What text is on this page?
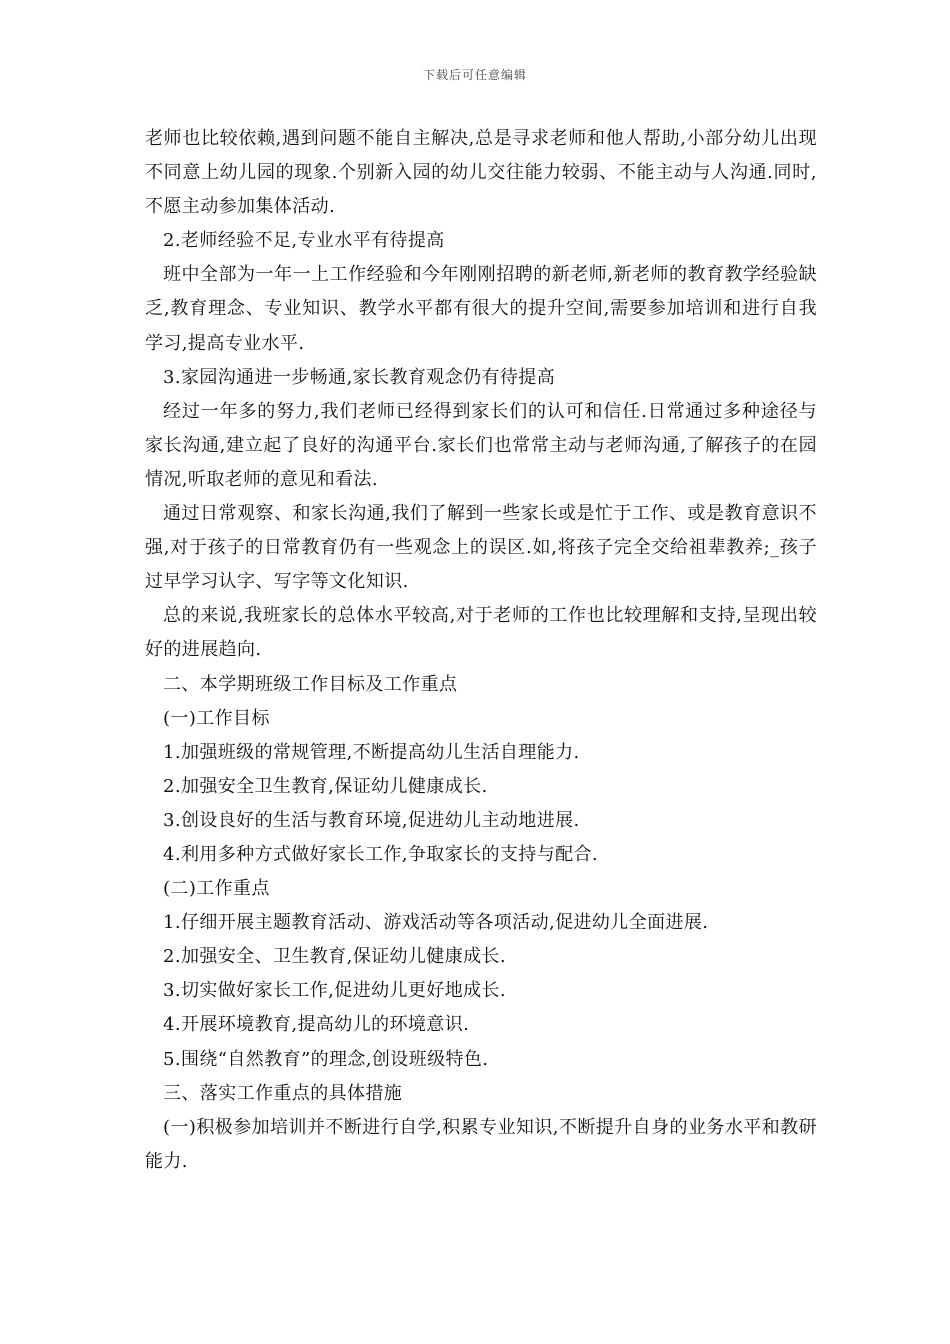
下载后可任意编辑

老师也比较依赖,遇到问题不能自主解决,总是寻求老师和他人帮助,小部分幼儿出现不同意上幼儿园的现象.个别新入园的幼儿交往能力较弱、不能主动与人沟通.同时,不愿主动参加集体活动.

2.老师经验不足,专业水平有待提高

班中全部为一年一上工作经验和今年刚刚招聘的新老师,新老师的教育教学经验缺乏,教育理念、专业知识、教学水平都有很大的提升空间,需要参加培训和进行自我学习,提高专业水平.

3.家园沟通进一步畅通,家长教育观念仍有待提高

经过一年多的努力,我们老师已经得到家长们的认可和信任.日常通过多种途径与家长沟通,建立起了良好的沟通平台.家长们也常常主动与老师沟通,了解孩子的在园情况,听取老师的意见和看法.

通过日常观察、和家长沟通,我们了解到一些家长或是忙于工作、或是教育意识不强,对于孩子的日常教育仍有一些观念上的误区.如,将孩子完全交给祖辈教养;_孩子过早学习认字、写字等文化知识.

总的来说,我班家长的总体水平较高,对于老师的工作也比较理解和支持,呈现出较好的进展趋向.

二、本学期班级工作目标及工作重点

(一)工作目标

1.加强班级的常规管理,不断提高幼儿生活自理能力.

2.加强安全卫生教育,保证幼儿健康成长.

3.创设良好的生活与教育环境,促进幼儿主动地进展.

4.利用多种方式做好家长工作,争取家长的支持与配合.

(二)工作重点

1.仔细开展主题教育活动、游戏活动等各项活动,促进幼儿全面进展.

2.加强安全、卫生教育,保证幼儿健康成长.

3.切实做好家长工作,促进幼儿更好地成长.

4.开展环境教育,提高幼儿的环境意识.

5.围绕“自然教育”的理念,创设班级特色.

三、落实工作重点的具体措施

(一)积极参加培训并不断进行自学,积累专业知识,不断提升自身的业务水平和教研能力.
